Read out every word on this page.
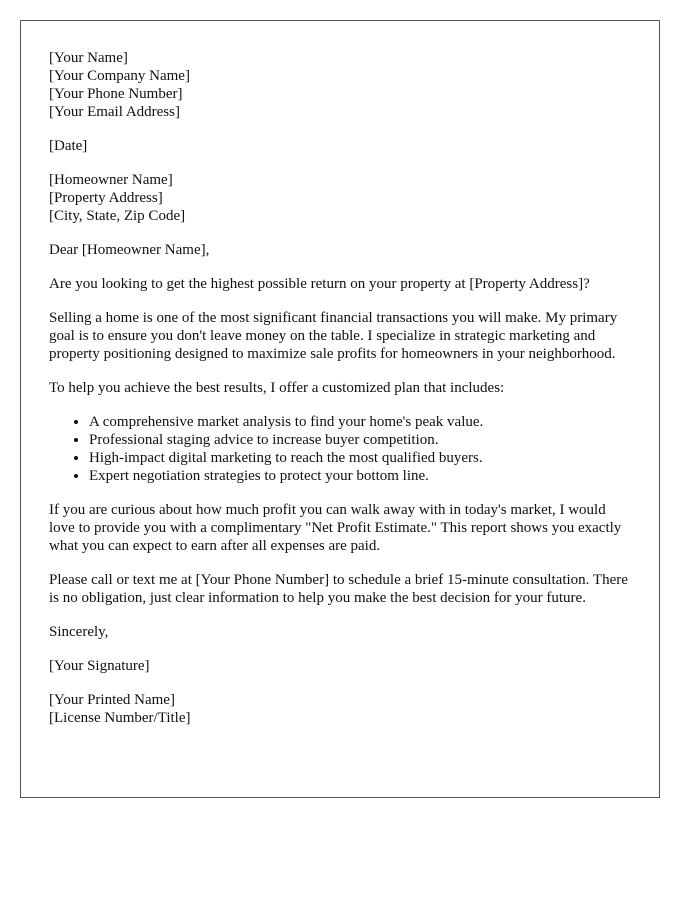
[Your Name]
[Your Company Name]
[Your Phone Number]
[Your Email Address]
[Date]
[Homeowner Name]
[Property Address]
[City, State, Zip Code]

Dear [Homeowner Name],

Are you looking to get the highest possible return on your property at [Property Address]?

Selling a home is one of the most significant financial transactions you will make. My primary goal is to ensure you don't leave money on the table. I specialize in strategic marketing and property positioning designed to maximize sale profits for homeowners in your neighborhood.

To help you achieve the best results, I offer a customized plan that includes:

• A comprehensive market analysis to find your home's peak value.
• Professional staging advice to increase buyer competition.
• High-impact digital marketing to reach the most qualified buyers.
• Expert negotiation strategies to protect your bottom line.

If you are curious about how much profit you can walk away with in today's market, I would love to provide you with a complimentary "Net Profit Estimate." This report shows you exactly what you can expect to earn after all expenses are paid.

Please call or text me at [Your Phone Number] to schedule a brief 15-minute consultation. There is no obligation, just clear information to help you make the best decision for your future.

Sincerely,

[Your Signature]

[Your Printed Name]
[License Number/Title]
